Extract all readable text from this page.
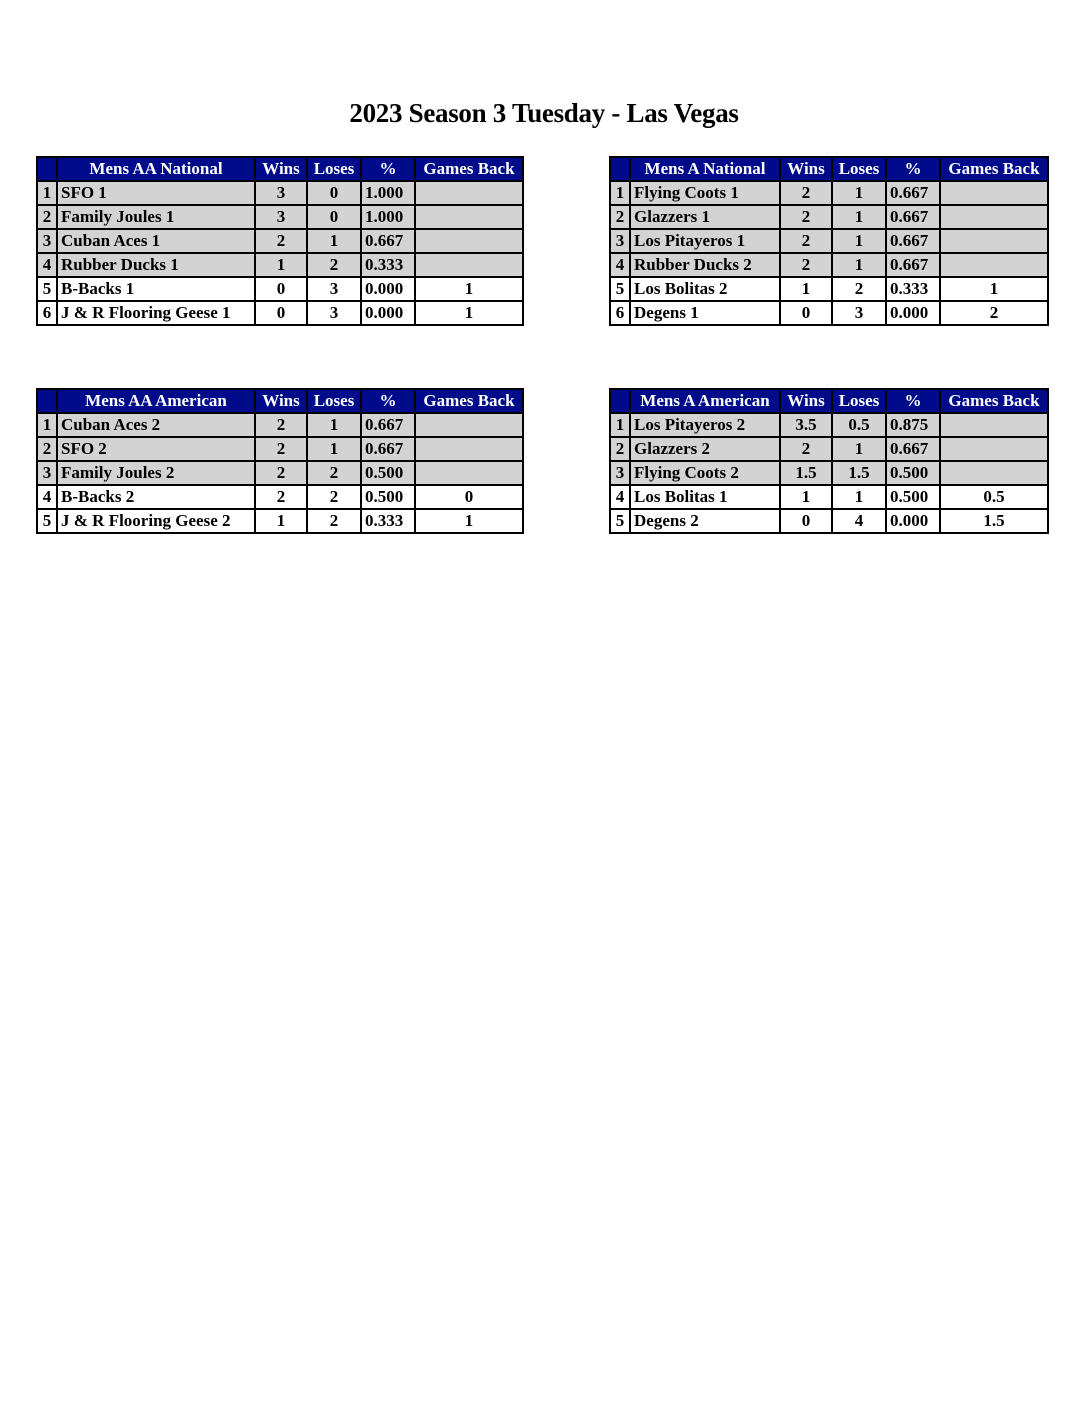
2023 Season 3 Tuesday - Las Vegas
	Mens AA National	Wins	Loses	%	Games Back
1	SFO 1	3	0	1.000	
2	Family Joules 1	3	0	1.000	
3	Cuban Aces 1	2	1	0.667	
4	Rubber Ducks 1	1	2	0.333	
5	B-Backs 1	0	3	0.000	1
6	J & R Flooring Geese 1	0	3	0.000	1
	Mens A National	Wins	Loses	%	Games Back
1	Flying Coots 1	2	1	0.667	
2	Glazzers 1	2	1	0.667	
3	Los Pitayeros 1	2	1	0.667	
4	Rubber Ducks 2	2	1	0.667	
5	Los Bolitas 2	1	2	0.333	1
6	Degens 1	0	3	0.000	2
	Mens AA American	Wins	Loses	%	Games Back
1	Cuban Aces 2	2	1	0.667	
2	SFO 2	2	1	0.667	
3	Family Joules 2	2	2	0.500	
4	B-Backs 2	2	2	0.500	0
5	J & R Flooring Geese 2	1	2	0.333	1
	Mens A American	Wins	Loses	%	Games Back
1	Los Pitayeros 2	3.5	0.5	0.875	
2	Glazzers 2	2	1	0.667	
3	Flying Coots 2	1.5	1.5	0.500	
4	Los Bolitas 1	1	1	0.500	0.5
5	Degens 2	0	4	0.000	1.5
